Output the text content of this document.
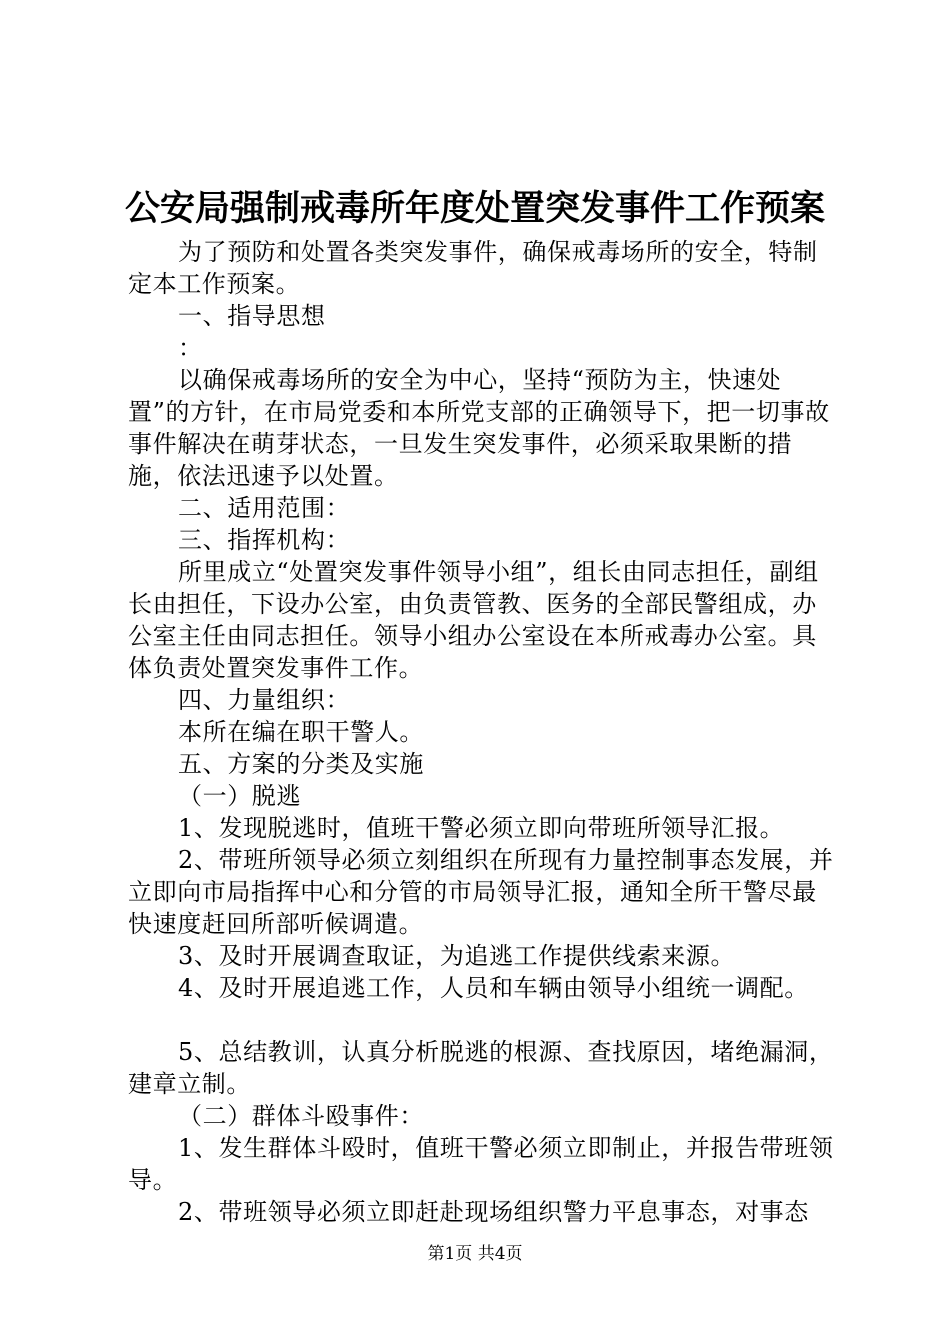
公安局强制戒毒所年度处置突发事件工作预案

为了预防和处置各类突发事件，确保戒毒场所的安全，特制定本工作预案。

一、指导思想

：

以确保戒毒场所的安全为中心，坚持“预防为主，快速处置”的方针，在市局党委和本所党支部的正确领导下，把一切事故事件解决在萌芽状态，一旦发生突发事件，必须采取果断的措施，依法迅速予以处置。

二、适用范围：

三、指挥机构：

所里成立“处置突发事件领导小组”，组长由同志担任，副组长由担任，下设办公室，由负责管教、医务的全部民警组成，办公室主任由同志担任。领导小组办公室设在本所戒毒办公室。具体负责处置突发事件工作。

四、力量组织：

本所在编在职干警人。

五、方案的分类及实施

（一）脱逃

1、发现脱逃时，值班干警必须立即向带班所领导汇报。

2、带班所领导必须立刻组织在所现有力量控制事态发展，并立即向市局指挥中心和分管的市局领导汇报，通知全所干警尽最快速度赶回所部听候调遣。

3、及时开展调查取证，为追逃工作提供线索来源。

4、及时开展追逃工作，人员和车辆由领导小组统一调配。

5、总结教训，认真分析脱逃的根源、查找原因，堵绝漏洞，建章立制。

（二）群体斗殴事件：

1、发生群体斗殴时，值班干警必须立即制止，并报告带班领导。

2、带班领导必须立即赶赴现场组织警力平息事态，对事态

第1页 共4页
